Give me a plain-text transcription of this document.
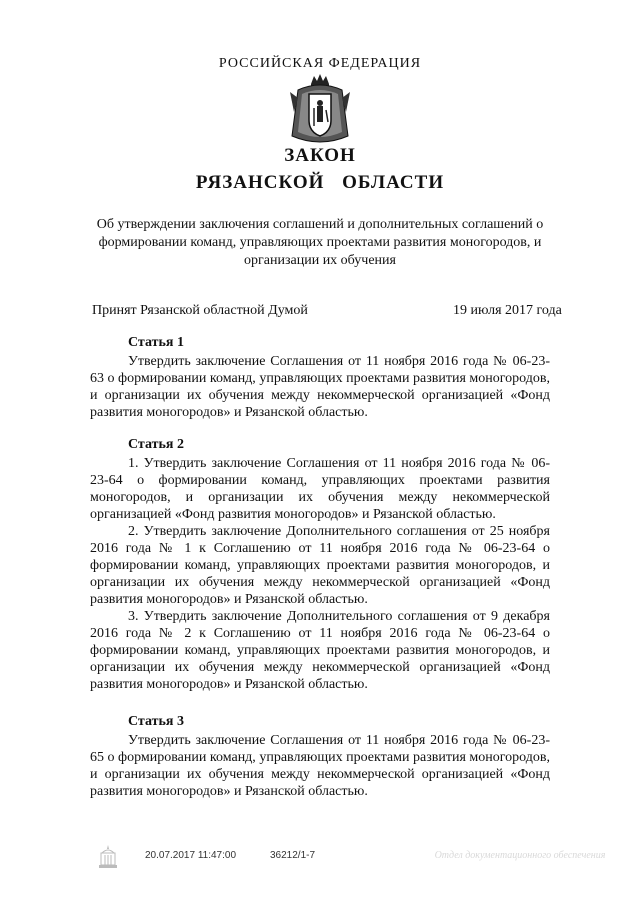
РОССИЙСКАЯ ФЕДЕРАЦИЯ
ЗАКОН
РЯЗАНСКОЙ ОБЛАСТИ
Об утверждении заключения соглашений и дополнительных соглашений о формировании команд, управляющих проектами развития моногородов, и организации их обучения
Принят Рязанской областной Думой	19 июля 2017 года
Статья 1

Утвердить заключение Соглашения от 11 ноября 2016 года № 06-23-63 о формировании команд, управляющих проектами развития моногородов, и организации их обучения между некоммерческой организацией «Фонд развития моногородов» и Рязанской областью.

Статья 2

1. Утвердить заключение Соглашения от 11 ноября 2016 года № 06-23-64 о формировании команд, управляющих проектами развития моногородов, и организации их обучения между некоммерческой организацией «Фонд развития моногородов» и Рязанской областью.

2. Утвердить заключение Дополнительного соглашения от 25 ноября 2016 года № 1 к Соглашению от 11 ноября 2016 года № 06-23-64 о формировании команд, управляющих проектами развития моногородов, и организации их обучения между некоммерческой организацией «Фонд развития моногородов» и Рязанской областью.

3. Утвердить заключение Дополнительного соглашения от 9 декабря 2016 года № 2 к Соглашению от 11 ноября 2016 года № 06-23-64 о формировании команд, управляющих проектами развития моногородов, и организации их обучения между некоммерческой организацией «Фонд развития моногородов» и Рязанской областью.

Статья 3

Утвердить заключение Соглашения от 11 ноября 2016 года № 06-23-65 о формировании команд, управляющих проектами развития моногородов, и организации их обучения между некоммерческой организацией «Фонд развития моногородов» и Рязанской областью.

20.07.2017 11:47:00	36212/1-7	Отдел документационного обеспечения
